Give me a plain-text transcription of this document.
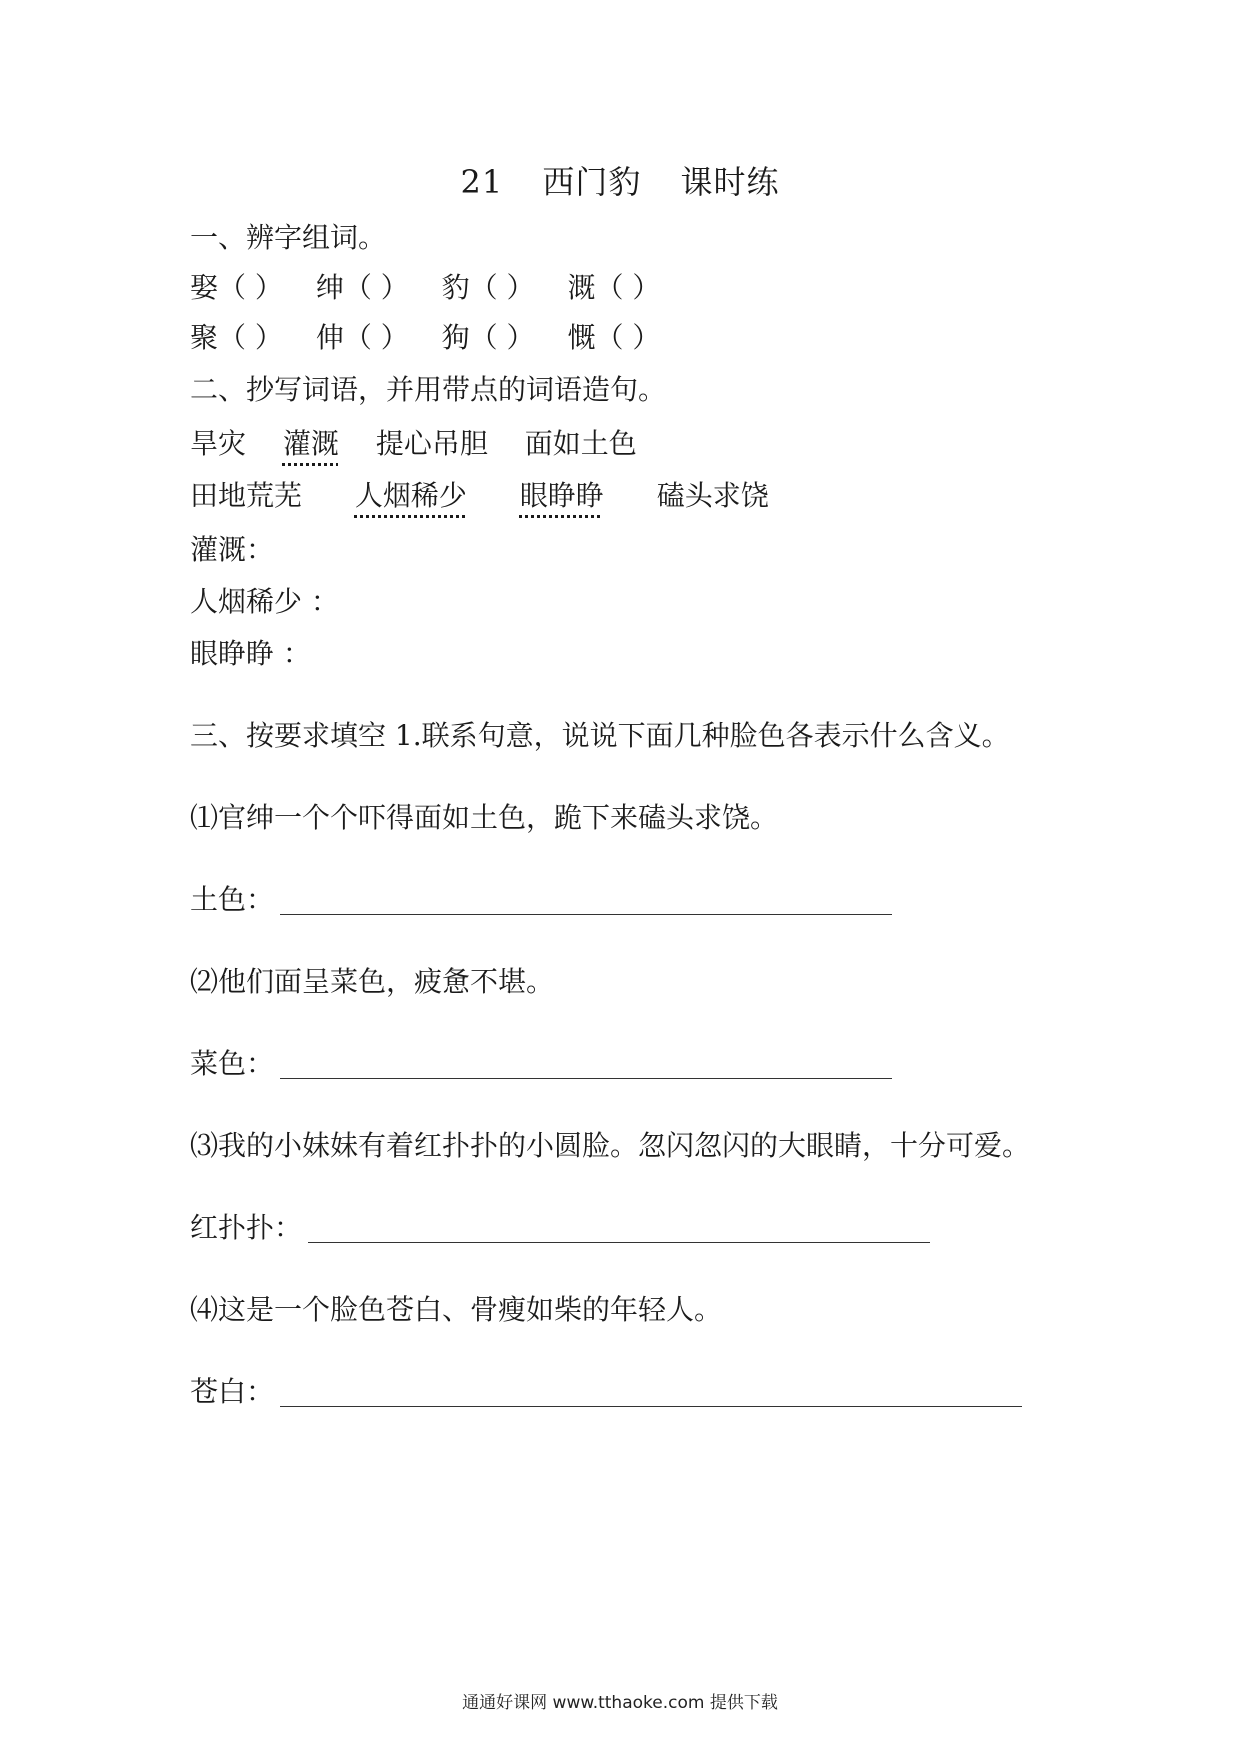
21 西门豹 课时练
一、辨字组词。
娶（ ） 绅（ ） 豹（ ） 溉（ ）
聚（ ） 伸（ ） 狗（ ） 慨（ ）
二、抄写词语，并用带点的词语造句。
旱灾 灌溉 提心吊胆 面如土色
田地荒芜 人烟稀少 眼睁睁 磕头求饶
灌溉：
人烟稀少 ：
眼睁睁 ：
三、按要求填空 1.联系句意，说说下面几种脸色各表示什么含义。
⑴官绅一个个吓得面如土色，跪下来磕头求饶。
土色：
⑵他们面呈菜色，疲惫不堪。
菜色：
⑶我的小妹妹有着红扑扑的小圆脸。忽闪忽闪的大眼睛，十分可爱。
红扑扑：
⑷这是一个脸色苍白、骨瘦如柴的年轻人。
苍白：
通通好课网 www.tthaoke.com 提供下载
